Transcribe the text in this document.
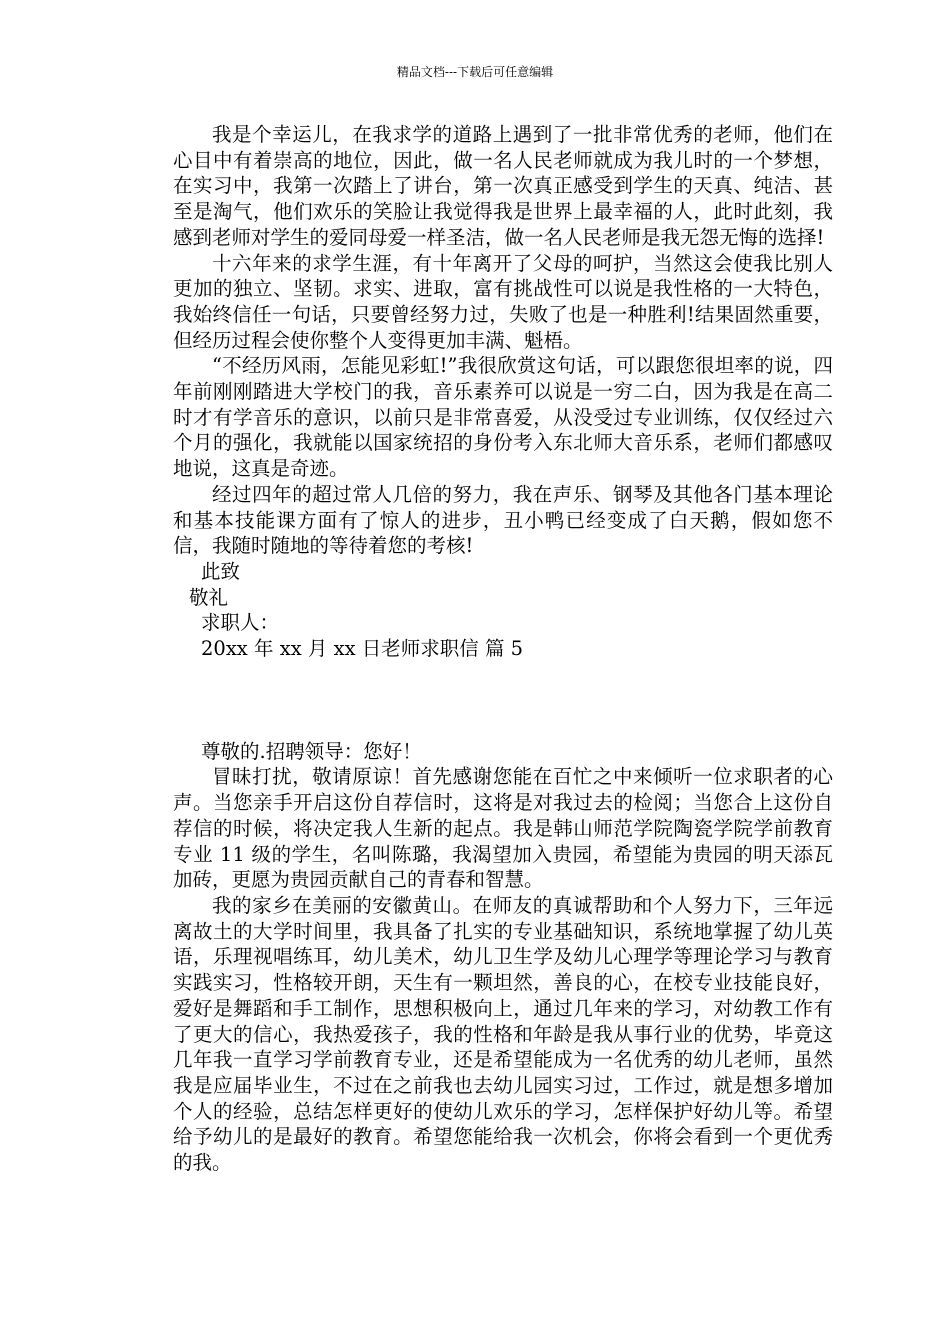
精品文档---下载后可任意编辑

我是个幸运儿，在我求学的道路上遇到了一批非常优秀的老师，他们在心目中有着崇高的地位，因此，做一名人民老师就成为我儿时的一个梦想，在实习中，我第一次踏上了讲台，第一次真正感受到学生的天真、纯洁、甚至是淘气，他们欢乐的笑脸让我觉得我是世界上最幸福的人，此时此刻，我感到老师对学生的爱同母爱一样圣洁，做一名人民老师是我无怨无悔的选择!

十六年来的求学生涯，有十年离开了父母的呵护，当然这会使我比别人更加的独立、坚韧。求实、进取，富有挑战性可以说是我性格的一大特色，我始终信任一句话，只要曾经努力过，失败了也是一种胜利!结果固然重要，但经历过程会使你整个人变得更加丰满、魁梧。

“不经历风雨，怎能见彩虹!”我很欣赏这句话，可以跟您很坦率的说，四年前刚刚踏进大学校门的我，音乐素养可以说是一穷二白，因为我是在高二时才有学音乐的意识，以前只是非常喜爱，从没受过专业训练，仅仅经过六个月的强化，我就能以国家统招的身份考入东北师大音乐系，老师们都感叹地说，这真是奇迹。

经过四年的超过常人几倍的努力，我在声乐、钢琴及其他各门基本理论和基本技能课方面有了惊人的进步，丑小鸭已经变成了白天鹅，假如您不信，我随时随地的等待着您的考核!

此致

敬礼

求职人：

20xx 年 xx 月 xx 日老师求职信 篇 5

尊敬的.招聘领导：您好！

冒昧打扰，敬请原谅！首先感谢您能在百忙之中来倾听一位求职者的心声。当您亲手开启这份自荐信时，这将是对我过去的检阅；当您合上这份自荐信的时候，将决定我人生新的起点。我是韩山师范学院陶瓷学院学前教育专业 11 级的学生，名叫陈璐，我渴望加入贵园，希望能为贵园的明天添瓦加砖，更愿为贵园贡献自己的青春和智慧。

我的家乡在美丽的安徽黄山。在师友的真诚帮助和个人努力下，三年远离故土的大学时间里，我具备了扎实的专业基础知识，系统地掌握了幼儿英语，乐理视唱练耳，幼儿美术，幼儿卫生学及幼儿心理学等理论学习与教育实践实习，性格较开朗，天生有一颗坦然，善良的心，在校专业技能良好，爱好是舞蹈和手工制作，思想积极向上，通过几年来的学习，对幼教工作有了更大的信心，我热爱孩子，我的性格和年龄是我从事行业的优势，毕竟这几年我一直学习学前教育专业，还是希望能成为一名优秀的幼儿老师，虽然我是应届毕业生，不过在之前我也去幼儿园实习过，工作过，就是想多增加个人的经验，总结怎样更好的使幼儿欢乐的学习，怎样保护好幼儿等。希望给予幼儿的是最好的教育。希望您能给我一次机会，你将会看到一个更优秀的我。
